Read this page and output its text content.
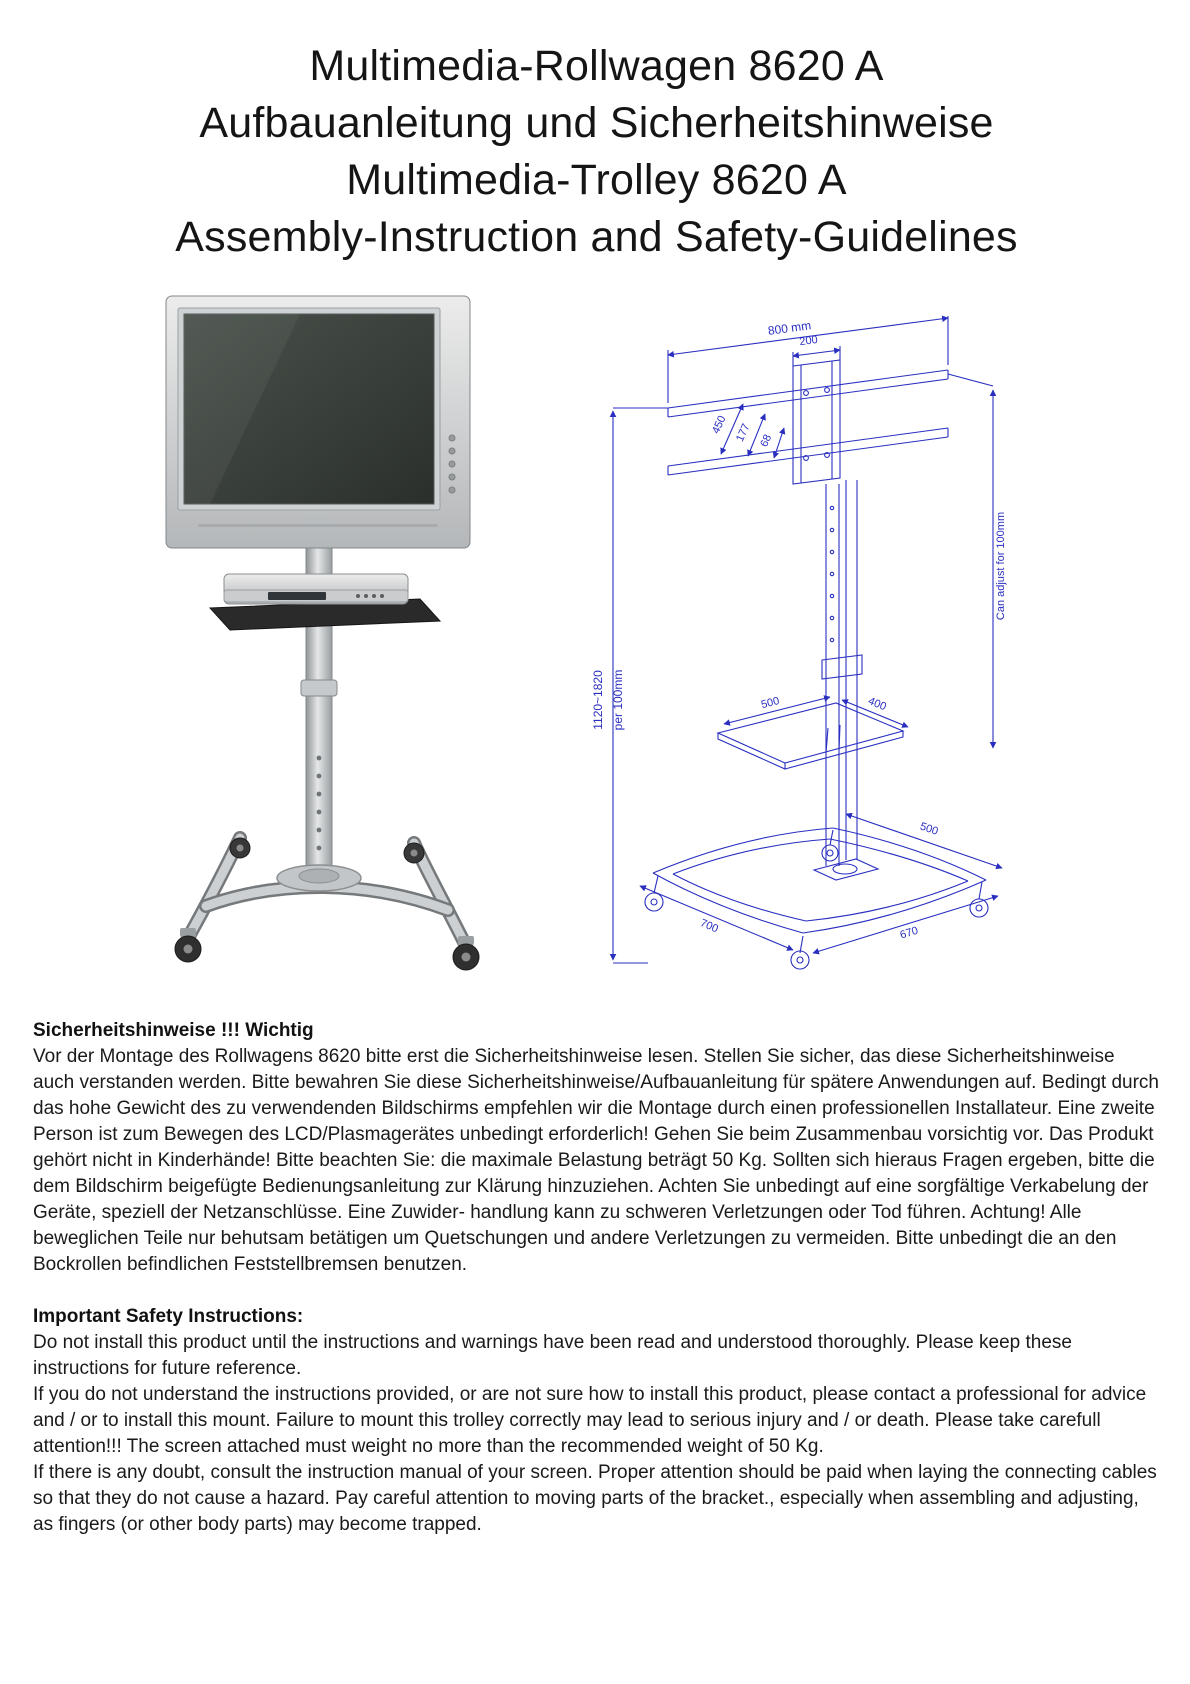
Multimedia-Rollwagen 8620 A
Aufbauanleitung und Sicherheitshinweise
Multimedia-Trolley 8620 A
Assembly-Instruction and Safety-Guidelines
800 mm
200
450 177 68
Can adjust for 100mm
1120~1820 per 100mm	500	400
500
700	670
Sicherheitshinweise !!! Wichtig
Vor der Montage des Rollwagens 8620 bitte erst die Sicherheitshinweise lesen. Stellen Sie sicher, das diese Sicherheitshinweise auch verstanden werden. Bitte bewahren Sie diese Sicherheitshinweise/Aufbauanleitung für spätere Anwendungen auf. Bedingt durch das hohe Gewicht des zu verwendenden Bildschirms empfehlen wir die Montage durch einen professionellen Installateur. Eine zweite Person ist zum Bewegen des LCD/Plasmagerätes unbedingt erforderlich! Gehen Sie beim Zusammenbau vorsichtig vor. Das Produkt gehört nicht in Kinderhände! Bitte beachten Sie: die maximale Belastung beträgt 50 Kg. Sollten sich hieraus Fragen ergeben, bitte die dem Bildschirm beigefügte Bedienungsanleitung zur Klärung hinzuziehen. Achten Sie unbedingt auf eine sorgfältige Verkabelung der Geräte, speziell der Netzanschlüsse. Eine Zuwider- handlung kann zu schweren Verletzungen oder Tod führen. Achtung! Alle beweglichen Teile nur behutsam betätigen um Quetschungen und andere Verletzungen zu vermeiden. Bitte unbedingt die an den Bockrollen befindlichen Feststellbremsen benutzen.
Important Safety Instructions:
Do not install this product until the instructions and warnings have been read and understood thoroughly. Please keep these instructions for future reference.
If you do not understand the instructions provided, or are not sure how to install this product, please contact a professional for advice and / or to install this mount. Failure to mount this trolley correctly may lead to serious injury and / or death. Please take carefull attention!!! The screen attached must weight no more than the recommended weight of 50 Kg.
If there is any doubt, consult the instruction manual of your screen. Proper attention should be paid when laying the connecting cables so that they do not cause a hazard. Pay careful attention to moving parts of the bracket., especially when assembling and adjusting, as fingers (or other body parts) may become trapped.
